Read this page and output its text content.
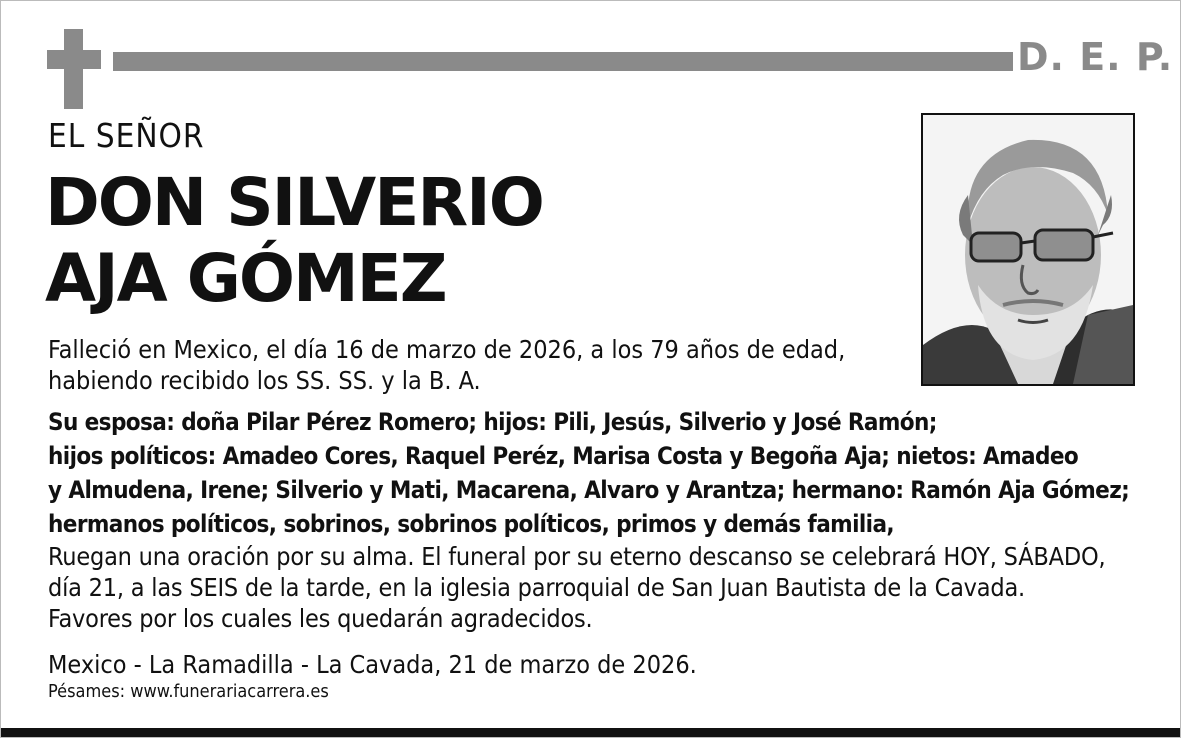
D. E. P.
EL SEÑOR
DON SILVERIO
AJA GÓMEZ
Falleció en Mexico, el día 16 de marzo de 2026, a los 79 años de edad,
habiendo recibido los SS. SS. y la B. A.
Su esposa: doña Pilar Pérez Romero; hijos: Pili, Jesús, Silverio y José Ramón;
hijos políticos: Amadeo Cores, Raquel Peréz, Marisa Costa y Begoña Aja; nietos: Amadeo
y Almudena, Irene; Silverio y Mati, Macarena, Alvaro y Arantza; hermano: Ramón Aja Gómez;
hermanos políticos, sobrinos, sobrinos políticos, primos y demás familia,
Ruegan una oración por su alma. El funeral por su eterno descanso se celebrará HOY, SÁBADO,
día 21, a las SEIS de la tarde, en la iglesia parroquial de San Juan Bautista de la Cavada.
Favores por los cuales les quedarán agradecidos.
Mexico - La Ramadilla - La Cavada, 21 de marzo de 2026.
Pésames: www.funerariacarrera.es
